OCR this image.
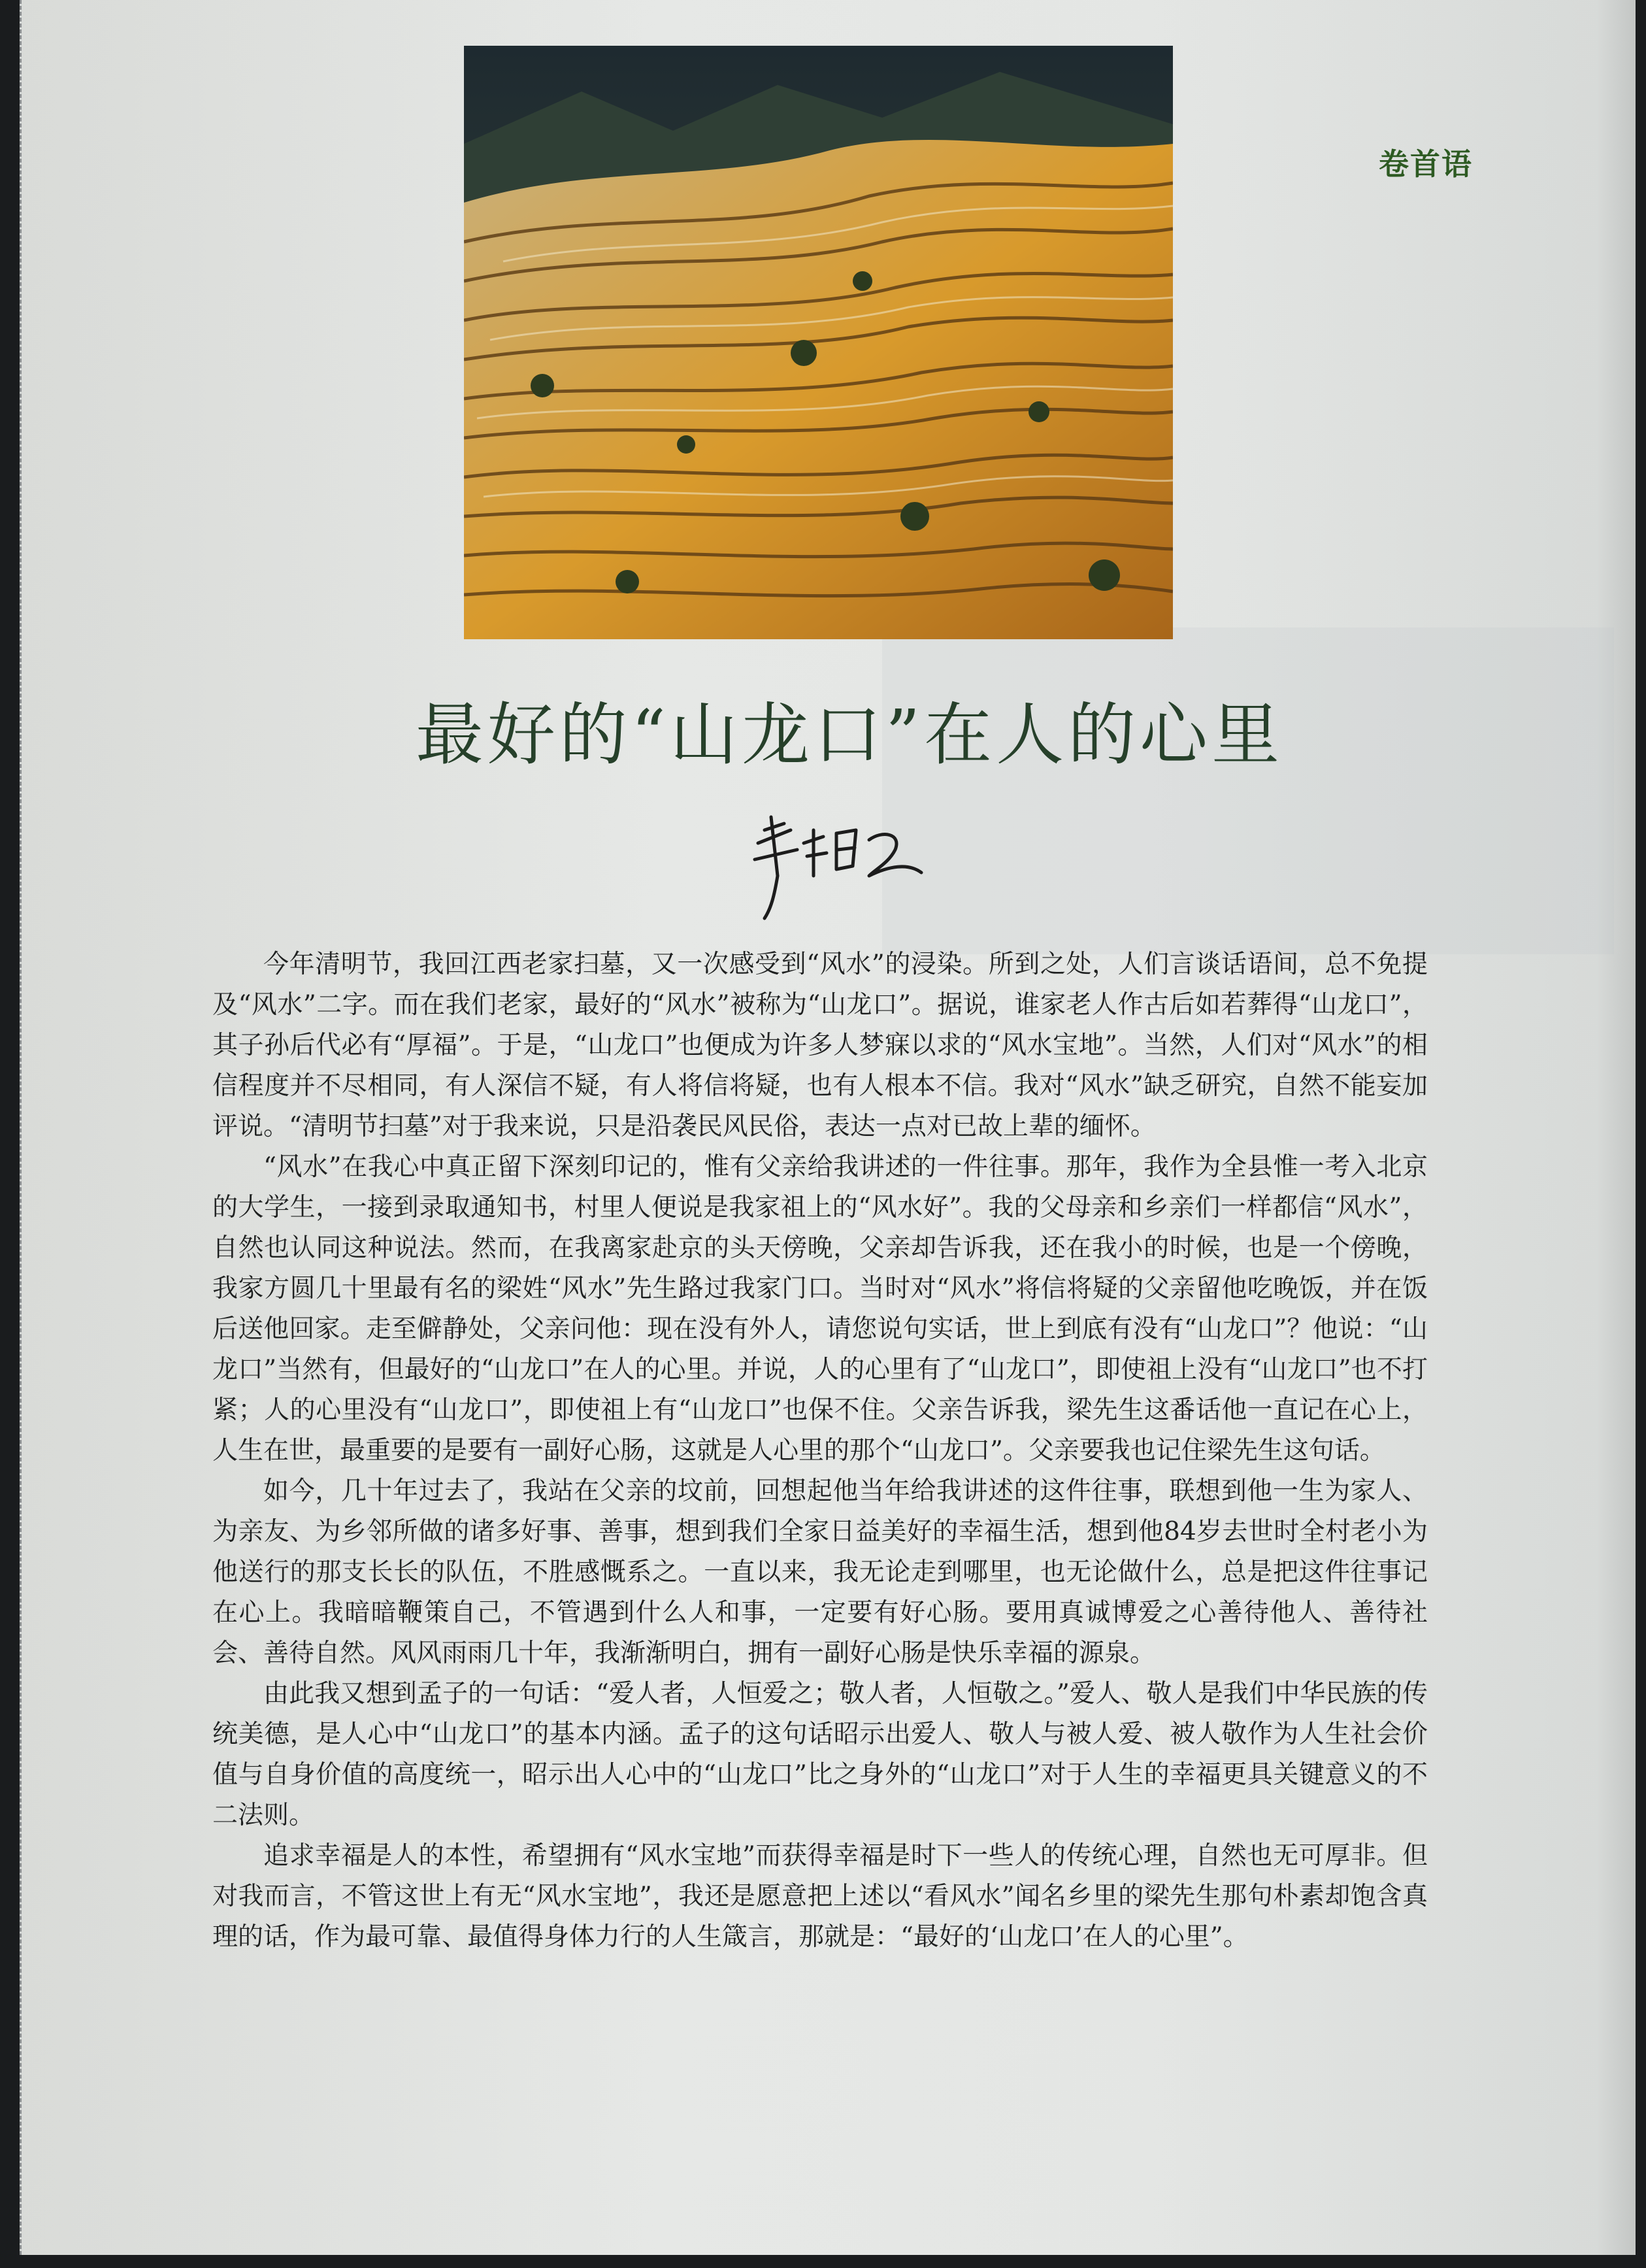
卷首语
最好的“山龙口”在人的心里

今年清明节，我回江西老家扫墓，又一次感受到“风水”的浸染。所到之处，人们言谈话语间，总不免提及“风水”二字。而在我们老家，最好的“风水”被称为“山龙口”。据说，谁家老人作古后如若葬得“山龙口”，其子孙后代必有“厚福”。于是，“山龙口”也便成为许多人梦寐以求的“风水宝地”。当然，人们对“风水”的相信程度并不尽相同，有人深信不疑，有人将信将疑，也有人根本不信。我对“风水”缺乏研究，自然不能妄加评说。“清明节扫墓”对于我来说，只是沿袭民风民俗，表达一点对已故上辈的缅怀。

“风水”在我心中真正留下深刻印记的，惟有父亲给我讲述的一件往事。那年，我作为全县惟一考入北京的大学生，一接到录取通知书，村里人便说是我家祖上的“风水好”。我的父母亲和乡亲们一样都信“风水”，自然也认同这种说法。然而，在我离家赴京的头天傍晚，父亲却告诉我，还在我小的时候，也是一个傍晚，我家方圆几十里最有名的梁姓“风水”先生路过我家门口。当时对“风水”将信将疑的父亲留他吃晚饭，并在饭后送他回家。走至僻静处，父亲问他：现在没有外人，请您说句实话，世上到底有没有“山龙口”？他说：“山龙口”当然有，但最好的“山龙口”在人的心里。并说，人的心里有了“山龙口”，即使祖上没有“山龙口”也不打紧；人的心里没有“山龙口”，即使祖上有“山龙口”也保不住。父亲告诉我，梁先生这番话他一直记在心上，人生在世，最重要的是要有一副好心肠，这就是人心里的那个“山龙口”。父亲要我也记住梁先生这句话。

如今，几十年过去了，我站在父亲的坟前，回想起他当年给我讲述的这件往事，联想到他一生为家人、为亲友、为乡邻所做的诸多好事、善事，想到我们全家日益美好的幸福生活，想到他84岁去世时全村老小为他送行的那支长长的队伍，不胜感慨系之。一直以来，我无论走到哪里，也无论做什么，总是把这件往事记在心上。我暗暗鞭策自己，不管遇到什么人和事，一定要有好心肠。要用真诚博爱之心善待他人、善待社会、善待自然。风风雨雨几十年，我渐渐明白，拥有一副好心肠是快乐幸福的源泉。

由此我又想到孟子的一句话：“爱人者，人恒爱之；敬人者，人恒敬之。”爱人、敬人是我们中华民族的传统美德，是人心中“山龙口”的基本内涵。孟子的这句话昭示出爱人、敬人与被人爱、被人敬作为人生社会价值与自身价值的高度统一，昭示出人心中的“山龙口”比之身外的“山龙口”对于人生的幸福更具关键意义的不二法则。

追求幸福是人的本性，希望拥有“风水宝地”而获得幸福是时下一些人的传统心理，自然也无可厚非。但对我而言，不管这世上有无“风水宝地”，我还是愿意把上述以“看风水”闻名乡里的梁先生那句朴素却饱含真理的话，作为最可靠、最值得身体力行的人生箴言，那就是：“最好的‘山龙口’在人的心里”。
